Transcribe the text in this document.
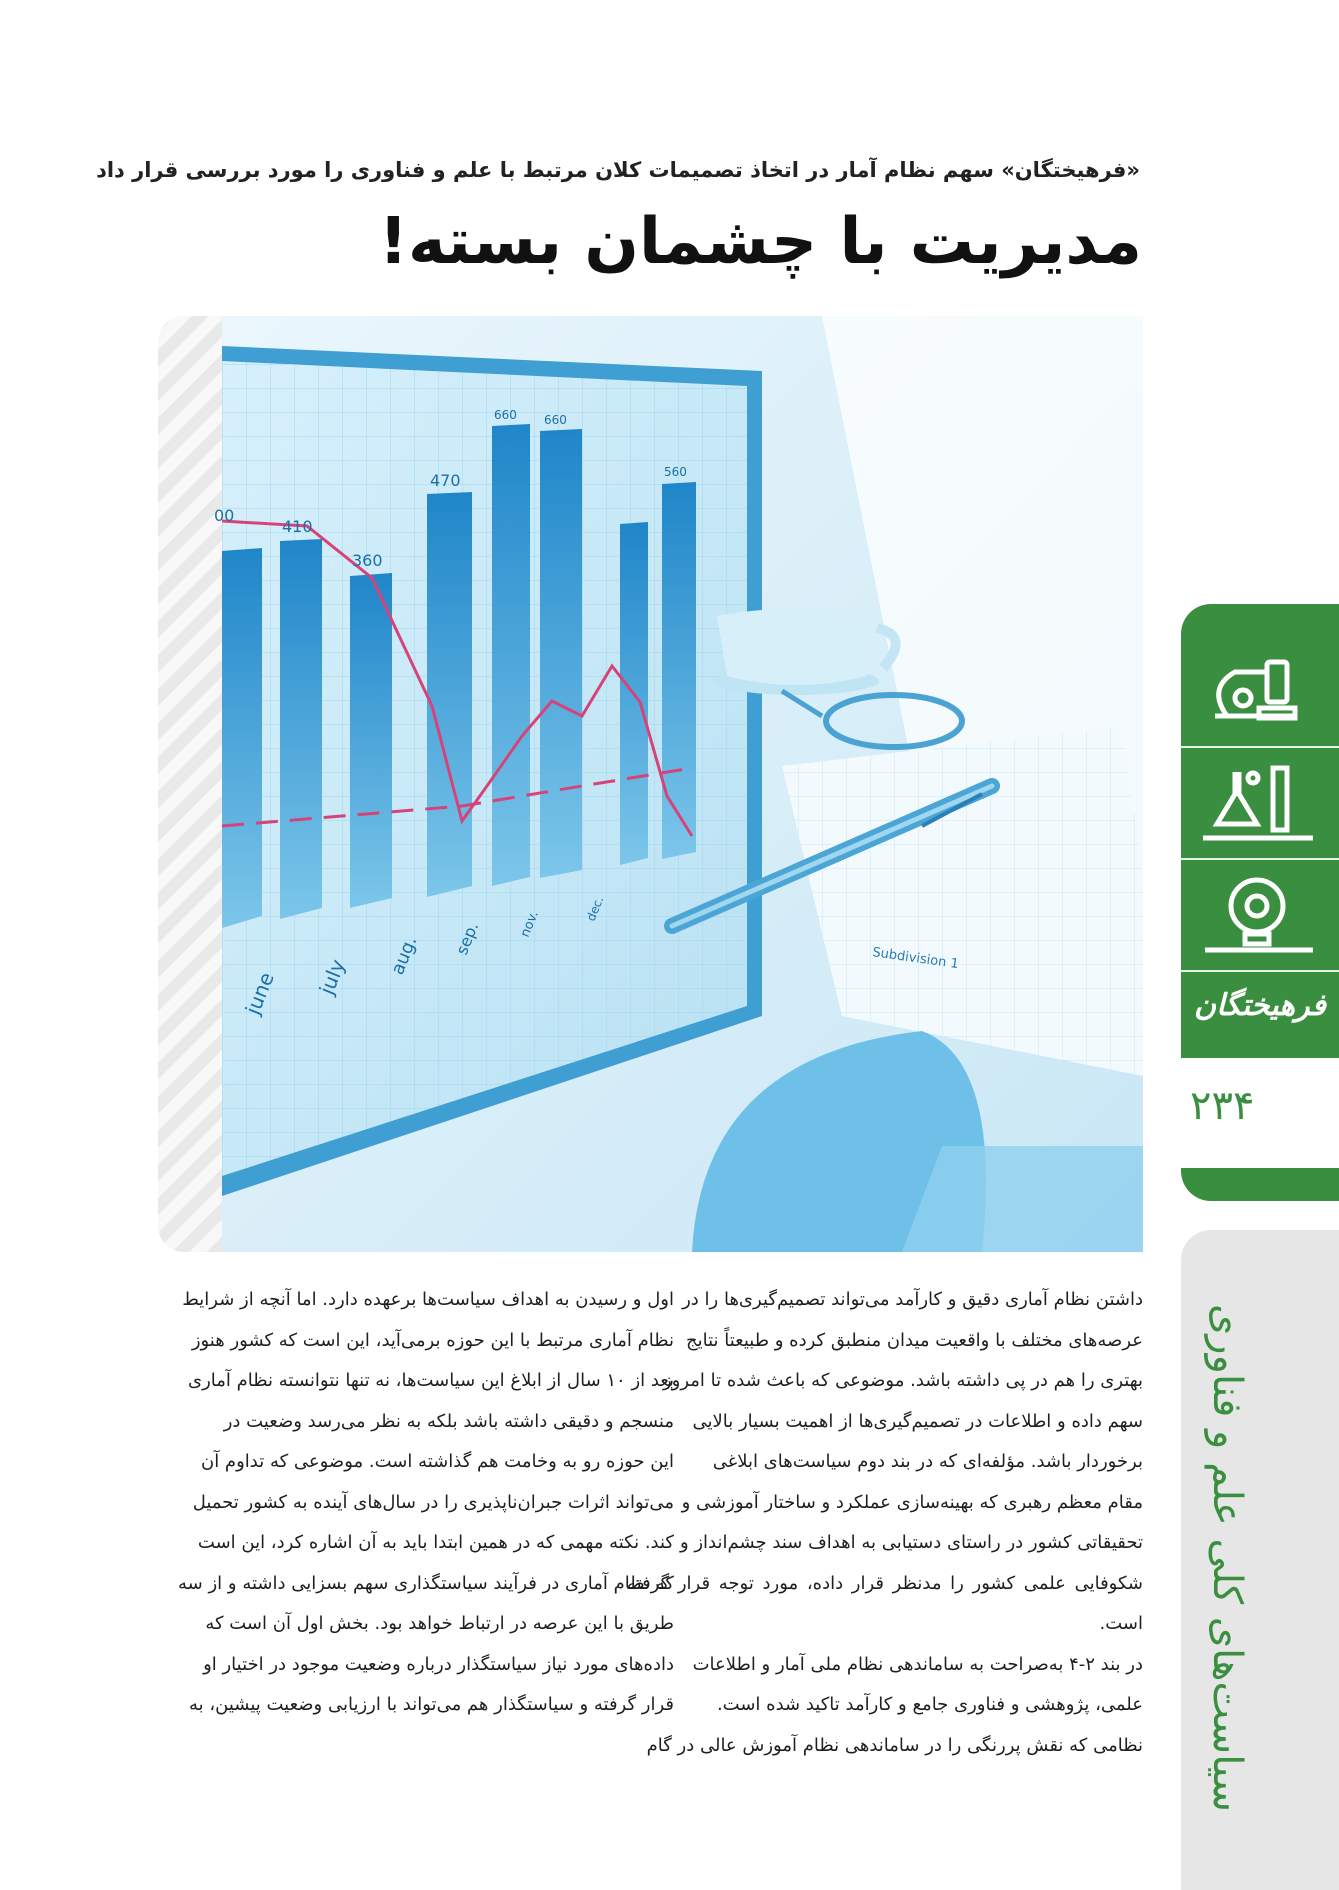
«فرهیختگان» سهم نظام آمار در اتخاذ تصمیمات کلان مرتبط با علم و فناوری را مورد بررسی قرار داد
مدیریت با چشمان بسته!
00
410
360
470
660 660
560
june july aug. sep.	nov.
dec.
Subdivision 1
فرهیختگان
۲۳۴
سیاست‌های کلی علم و فناوری
داشتن نظام آماری دقیق و کارآمد می‌تواند تصمیم‌گیری‌ها را در
عرصه‌های مختلف با واقعیت میدان منطبق کرده و طبیعتاً نتایج
بهتری را هم در پی داشته باشد. موضوعی که باعث شده تا امروز
سهم داده و اطلاعات در تصمیم‌گیری‌ها از اهمیت بسیار بالایی
برخوردار باشد. مؤلفه‌ای که در بند دوم سیاست‌های ابلاغی
مقام معظم رهبری که بهینه‌سازی عملکرد و ساختار آموزشی و
تحقیقاتی کشور در راستای دستیابی به اهداف سند چشم‌انداز و
شکوفایی علمی کشور را مدنظر قرار داده، مورد توجه قرار گرفته است.
در بند ۲-۴ به‌صراحت به ساماندهی نظام ملی آمار و اطلاعات
علمی، پژوهشی و فناوری جامع و کارآمد تاکید شده است.
نظامی که نقش پررنگی را در ساماندهی نظام آموزش عالی در گام
اول و رسیدن به اهداف سیاست‌ها برعهده دارد. اما آنچه از شرایط
نظام آماری مرتبط با این حوزه برمی‌آید، این است که کشور هنوز
بعد از ۱۰ سال از ابلاغ این سیاست‌ها، نه تنها نتوانسته نظام آماری
منسجم و دقیقی داشته باشد بلکه به نظر می‌رسد وضعیت در
این حوزه رو به وخامت هم گذاشته است. موضوعی که تداوم آن
می‌تواند اثرات جبران‌ناپذیری را در سال‌های آینده به کشور تحمیل
کند. نکته مهمی که در همین ابتدا باید به آن اشاره کرد، این است
که نظام آماری در فرآیند سیاستگذاری سهم بسزایی داشته و از سه
طریق با این عرصه در ارتباط خواهد بود. بخش اول آن است که
داده‌های مورد نیاز سیاستگذار درباره وضعیت موجود در اختیار او
قرار گرفته و سیاستگذار هم می‌تواند با ارزیابی وضعیت پیشین، به
